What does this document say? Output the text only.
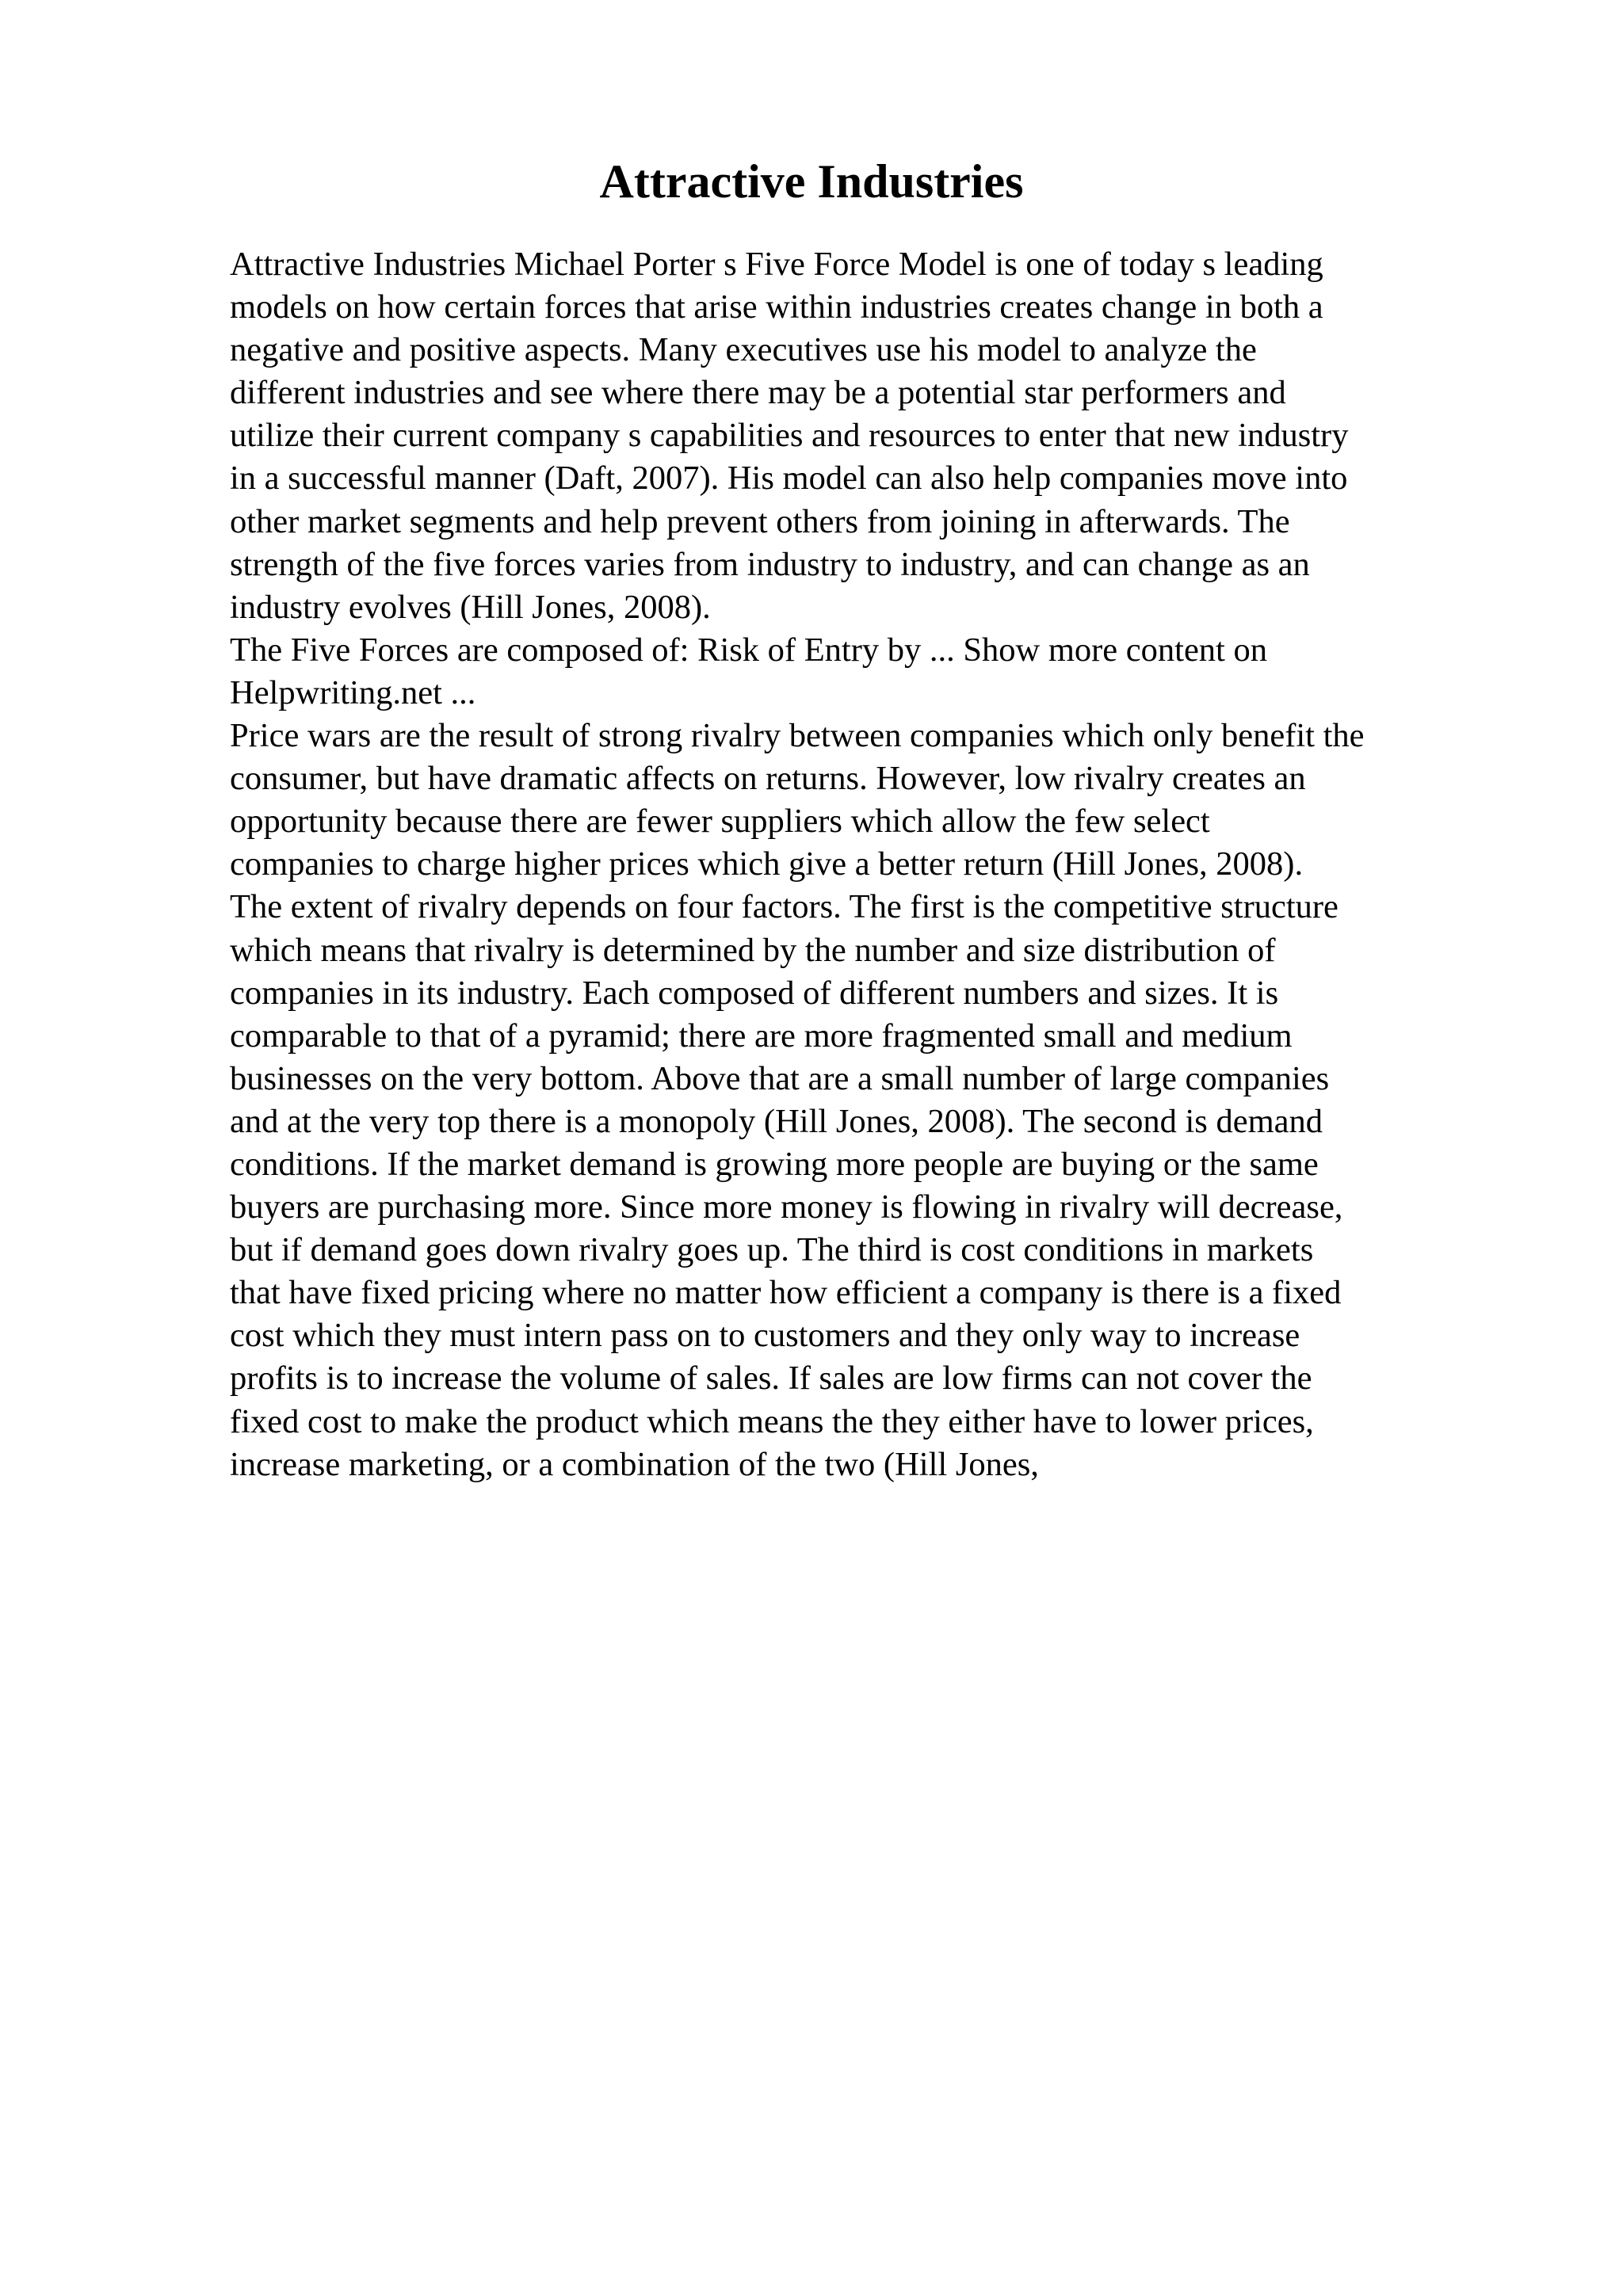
Attractive Industries

Attractive Industries Michael Porter s Five Force Model is one of today s leading
models on how certain forces that arise within industries creates change in both a
negative and positive aspects. Many executives use his model to analyze the
different industries and see where there may be a potential star performers and
utilize their current company s capabilities and resources to enter that new industry
in a successful manner (Daft, 2007). His model can also help companies move into
other market segments and help prevent others from joining in afterwards. The
strength of the five forces varies from industry to industry, and can change as an
industry evolves (Hill Jones, 2008).

The Five Forces are composed of: Risk of Entry by ... Show more content on
Helpwriting.net ...

Price wars are the result of strong rivalry between companies which only benefit the
consumer, but have dramatic affects on returns. However, low rivalry creates an
opportunity because there are fewer suppliers which allow the few select
companies to charge higher prices which give a better return (Hill Jones, 2008).
The extent of rivalry depends on four factors. The first is the competitive structure
which means that rivalry is determined by the number and size distribution of
companies in its industry. Each composed of different numbers and sizes. It is
comparable to that of a pyramid; there are more fragmented small and medium
businesses on the very bottom. Above that are a small number of large companies
and at the very top there is a monopoly (Hill Jones, 2008). The second is demand
conditions. If the market demand is growing more people are buying or the same
buyers are purchasing more. Since more money is flowing in rivalry will decrease,
but if demand goes down rivalry goes up. The third is cost conditions in markets
that have fixed pricing where no matter how efficient a company is there is a fixed
cost which they must intern pass on to customers and they only way to increase
profits is to increase the volume of sales. If sales are low firms can not cover the
fixed cost to make the product which means the they either have to lower prices,
increase marketing, or a combination of the two (Hill Jones,
